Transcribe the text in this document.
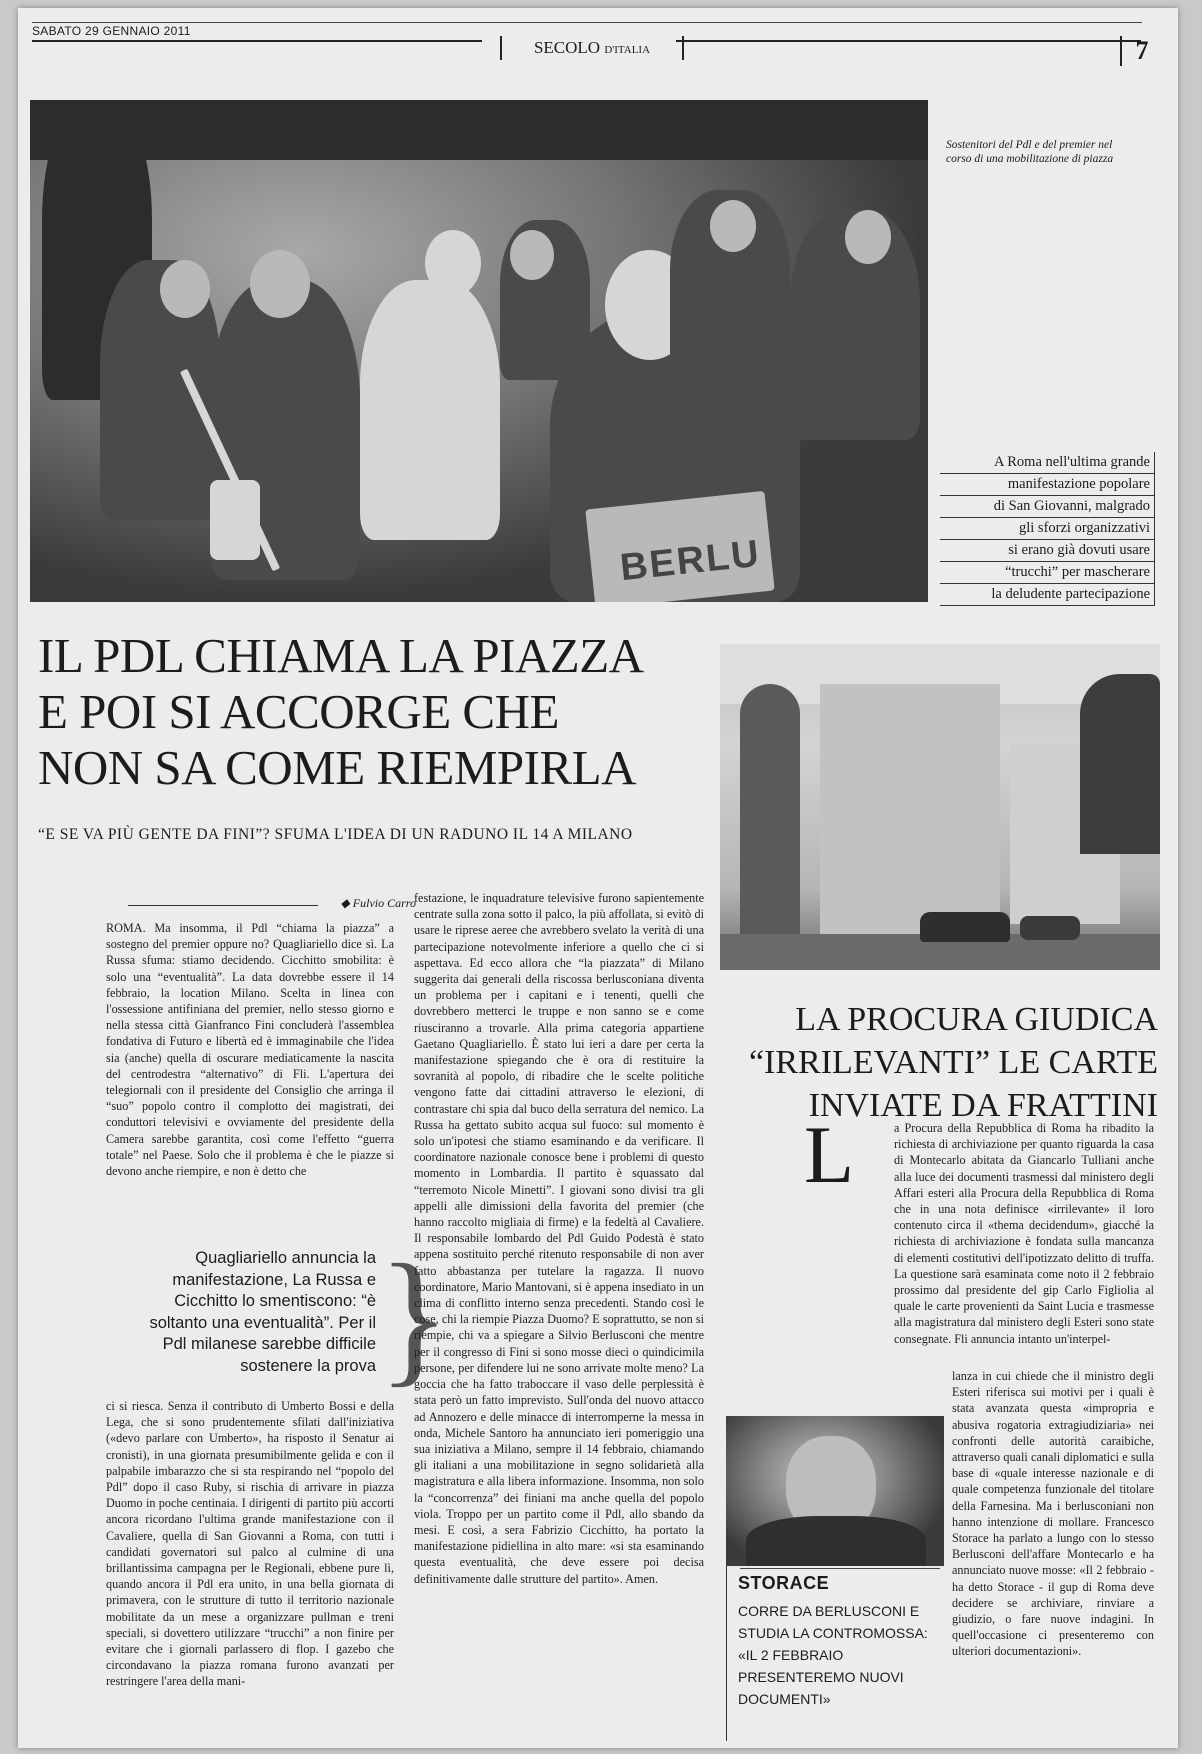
SABATO 29 GENNAIO 2011
SECOLO D'ITALIA	7
BERLU
Sostenitori del Pdl e del premier nel corso di una mobilitazione di piazza
A Roma nell'ultima grande
manifestazione popolare
di San Giovanni, malgrado
gli sforzi organizzativi
si erano già dovuti usare
“trucchi” per mascherare
la deludente partecipazione
IL PDL CHIAMA LA PIAZZA
E POI SI ACCORGE CHE
NON SA COME RIEMPIRLA
“E SE VA PIÙ GENTE DA FINI”? SFUMA L'IDEA DI UN RADUNO IL 14 A MILANO
◆ Fulvio Carro
ROMA. Ma insomma, il Pdl “chiama la piazza” a sostegno del premier oppure no? Quagliariello dice sì. La Russa sfuma: stiamo decidendo. Cicchitto smobilita: è solo una “eventualità”. La data dovrebbe essere il 14 febbraio, la location Milano. Scelta in linea con l'ossessione antifiniana del premier, nello stesso giorno e nella stessa città Gianfranco Fini concluderà l'assemblea fondativa di Futuro e libertà ed è immaginabile che l'idea sia (anche) quella di oscurare mediaticamente la nascita del centrodestra “alternativo” di Fli. L'apertura dei telegiornali con il presidente del Consiglio che arringa il “suo” popolo contro il complotto dei magistrati, dei conduttori televisivi e ovviamente del presidente della Camera sarebbe garantita, così come l'effetto “guerra totale” nel Paese. Solo che il problema è che le piazze si devono anche riempire, e non è detto che
Quagliariello annuncia la manifestazione, La Russa e Cicchitto lo smentiscono: “è soltanto una eventualità”. Per il Pdl milanese sarebbe difficile sostenere la prova }
ci si riesca. Senza il contributo di Umberto Bossi e della Lega, che si sono prudentemente sfilati dall'iniziativa («devo parlare con Umberto», ha risposto il Senatur ai cronisti), in una giornata presumibilmente gelida e con il palpabile imbarazzo che si sta respirando nel “popolo del Pdl” dopo il caso Ruby, si rischia di arrivare in piazza Duomo in poche centinaia. I dirigenti di partito più accorti ancora ricordano l'ultima grande manifestazione con il Cavaliere, quella di San Giovanni a Roma, con tutti i candidati governatori sul palco al culmine di una brillantissima campagna per le Regionali, ebbene pure lì, quando ancora il Pdl era unito, in una bella giornata di primavera, con le strutture di tutto il territorio nazionale mobilitate da un mese a organizzare pullman e treni speciali, si dovettero utilizzare “trucchi” a non finire per evitare che i giornali parlassero di flop. I gazebo che circondavano la piazza romana furono avanzati per restringere l'area della mani-
festazione, le inquadrature televisive furono sapientemente centrate sulla zona sotto il palco, la più affollata, si evitò di usare le riprese aeree che avrebbero svelato la verità di una partecipazione notevolmente inferiore a quello che ci si aspettava. Ed ecco allora che “la piazzata” di Milano suggerita dai generali della riscossa berlusconiana diventa un problema per i capitani e i tenenti, quelli che dovrebbero metterci le truppe e non sanno se e come riusciranno a trovarle. Alla prima categoria appartiene Gaetano Quagliariello. È stato lui ieri a dare per certa la manifestazione spiegando che è ora di restituire la sovranità al popolo, di ribadire che le scelte politiche vengono fatte dai cittadini attraverso le elezioni, di contrastare chi spia dal buco della serratura del nemico. La Russa ha gettato subito acqua sul fuoco: sul momento è solo un'ipotesi che stiamo esaminando e da verificare. Il coordinatore nazionale conosce bene i problemi di questo momento in Lombardia. Il partito è squassato dal “terremoto Nicole Minetti”. I giovani sono divisi tra gli appelli alle dimissioni della favorita del premier (che hanno raccolto migliaia di firme) e la fedeltà al Cavaliere. Il responsabile lombardo del Pdl Guido Podestà è stato appena sostituito perché ritenuto responsabile di non aver fatto abbastanza per tutelare la ragazza. Il nuovo coordinatore, Mario Mantovani, si è appena insediato in un clima di conflitto interno senza precedenti. Stando così le cose, chi la riempie Piazza Duomo? E soprattutto, se non si riempie, chi va a spiegare a Silvio Berlusconi che mentre per il congresso di Fini si sono mosse dieci o quindicimila persone, per difendere lui ne sono arrivate molte meno? La goccia che ha fatto traboccare il vaso delle perplessità è stata però un fatto imprevisto. Sull'onda del nuovo attacco ad Annozero e delle minacce di interromperne la messa in onda, Michele Santoro ha annunciato ieri pomeriggio una sua iniziativa a Milano, sempre il 14 febbraio, chiamando gli italiani a una mobilitazione in segno solidarietà alla magistratura e alla libera informazione. Insomma, non solo la “concorrenza” dei finiani ma anche quella del popolo viola. Troppo per un partito come il Pdl, allo sbando da mesi. E così, a sera Fabrizio Cicchitto, ha portato la manifestazione pidiellina in alto mare: «si sta esaminando questa eventualità, che deve essere poi decisa definitivamente dalle strutture del partito». Amen.
LA PROCURA GIUDICA
“IRRILEVANTI” LE CARTE
INVIATE DA FRATTINI
L	a Procura della Repubblica di Roma ha ribadito la richiesta di archiviazione per quanto riguarda la casa di Montecarlo abitata da Giancarlo Tulliani anche alla luce dei documenti trasmessi dal ministero degli Affari esteri alla Procura della Repubblica di Roma che in una nota definisce «irrilevante» il loro contenuto circa il «thema decidendum», giacché la richiesta di archiviazione è fondata sulla mancanza di elementi costitutivi dell'ipotizzato delitto di truffa. La questione sarà esaminata come noto il 2 febbraio prossimo dal presidente del gip Carlo Figliolia al quale le carte provenienti da Saint Lucia e trasmesse alla magistratura dal ministero degli Esteri sono state consegnate. Fli annuncia intanto un'interpel-
lanza in cui chiede che il ministro degli Esteri riferisca sui motivi per i quali è stata avanzata questa «impropria e abusiva rogatoria extragiudiziaria» nei confronti delle autorità caraibiche, attraverso quali canali diplomatici e sulla base di «quale interesse nazionale e di quale competenza funzionale del titolare della Farnesina. Ma i berlusconiani non hanno intenzione di mollare. Francesco Storace ha parlato a lungo con lo stesso Berlusconi dell'affare Montecarlo e ha annunciato nuove mosse: «Il 2 febbraio - ha detto Storace - il gup di Roma deve decidere se archiviare, rinviare a giudizio, o fare nuove indagini. In quell'occasione ci presenteremo con ulteriori documentazioni».
STORACE
CORRE DA BERLUSCONI E STUDIA LA CONTROMOSSA: «IL 2 FEBBRAIO PRESENTEREMO NUOVI DOCUMENTI»
